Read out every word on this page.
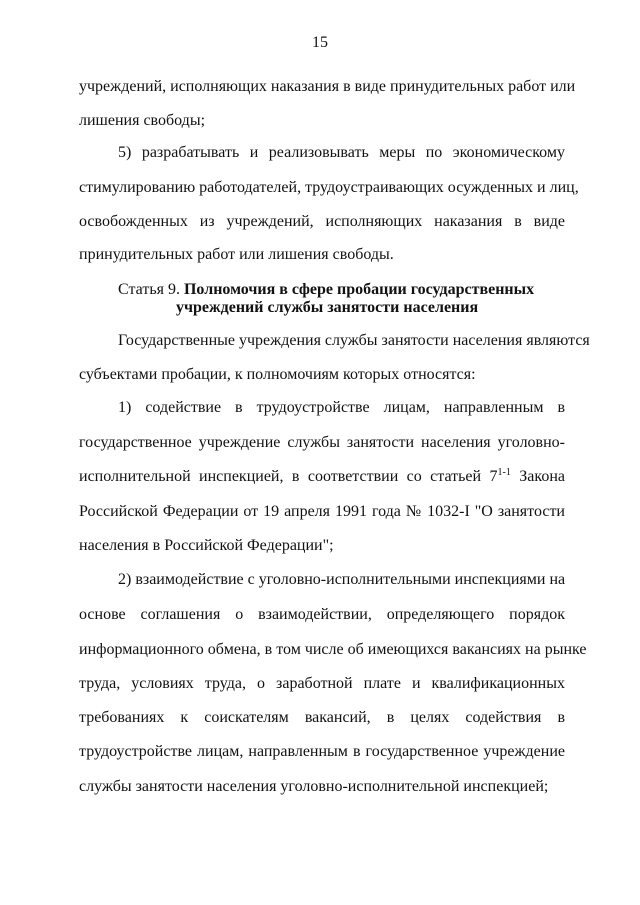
15
учреждений, исполняющих наказания в виде принудительных работ или
лишения свободы;
5) разрабатывать и реализовывать меры по экономическому
стимулированию работодателей, трудоустраивающих осужденных и лиц,
освобожденных из учреждений, исполняющих наказания в виде
принудительных работ или лишения свободы.
Статья 9. Полномочия в сфере пробации государственных
учреждений службы занятости населения
Государственные учреждения службы занятости населения являются
субъектами пробации, к полномочиям которых относятся:
1) содействие в трудоустройстве лицам, направленным в
государственное учреждение службы занятости населения уголовно-
исполнительной инспекцией, в соответствии со статьей 7$^{1-1}$ Закона
Российской Федерации от 19 апреля 1991 года № 1032-I "О занятости
населения в Российской Федерации";
2) взаимодействие с уголовно-исполнительными инспекциями на
основе соглашения о взаимодействии, определяющего порядок
информационного обмена, в том числе об имеющихся вакансиях на рынке
труда, условиях труда, о заработной плате и квалификационных
требованиях к соискателям вакансий, в целях содействия в
трудоустройстве лицам, направленным в государственное учреждение
службы занятости населения уголовно-исполнительной инспекцией;
